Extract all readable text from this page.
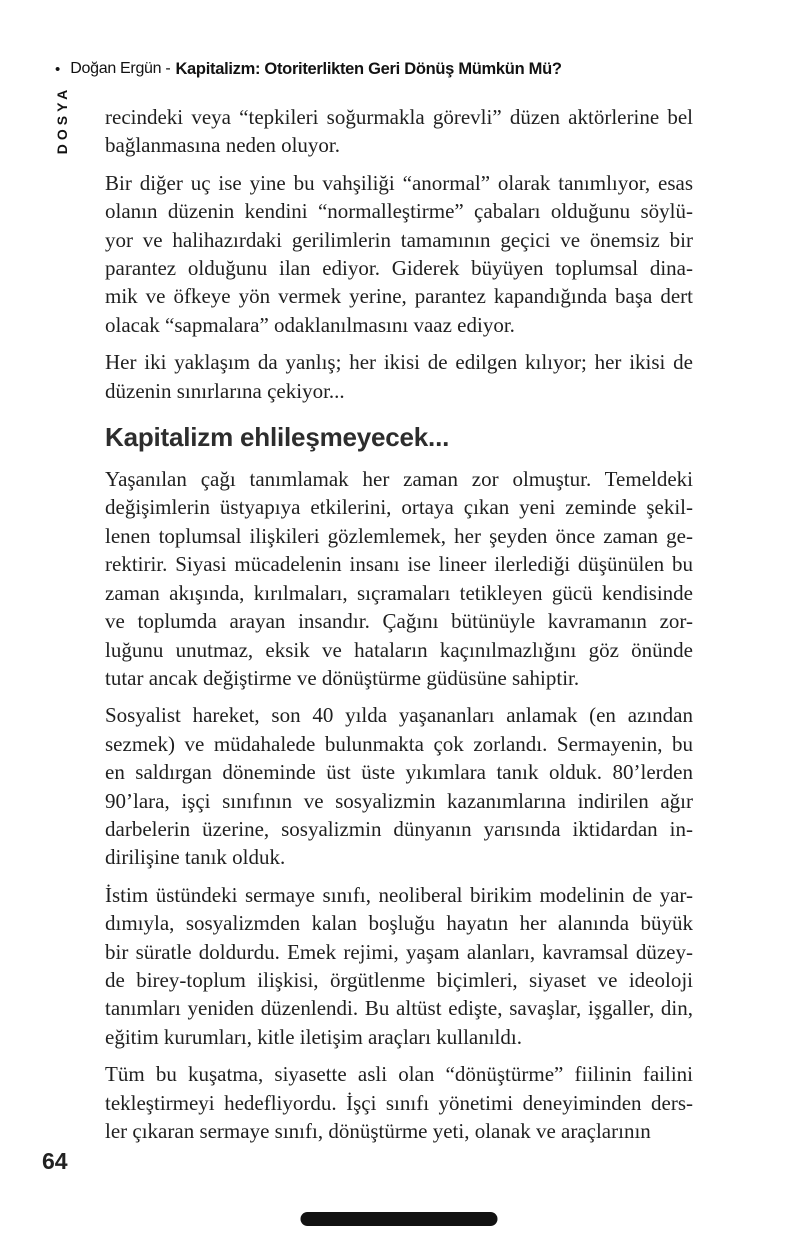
• Doğan Ergün - Kapitalizm: Otoriterlikten Geri Dönüş Mümkün Mü?
DOSYA recindeki veya “tepkileri soğurmakla görevli” düzen aktörlerine bel
bağlanmasına neden oluyor.
Bir diğer uç ise yine bu vahşiliği “anormal” olarak tanımlıyor, esas
olanın düzenin kendini “normalleştirme” çabaları olduğunu söylü-
yor ve halihazırdaki gerilimlerin tamamının geçici ve önemsiz bir
parantez olduğunu ilan ediyor. Giderek büyüyen toplumsal dina-
mik ve öfkeye yön vermek yerine, parantez kapandığında başa dert
olacak “sapmalara” odaklanılmasını vaaz ediyor.
Her iki yaklaşım da yanlış; her ikisi de edilgen kılıyor; her ikisi de
düzenin sınırlarına çekiyor...
Kapitalizm ehlileşmeyecek...
Yaşanılan çağı tanımlamak her zaman zor olmuştur. Temeldeki
değişimlerin üstyapıya etkilerini, ortaya çıkan yeni zeminde şekil-
lenen toplumsal ilişkileri gözlemlemek, her şeyden önce zaman ge-
rektirir. Siyasi mücadelenin insanı ise lineer ilerlediği düşünülen bu
zaman akışında, kırılmaları, sıçramaları tetikleyen gücü kendisinde
ve toplumda arayan insandır. Çağını bütünüyle kavramanın zor-
luğunu unutmaz, eksik ve hataların kaçınılmazlığını göz önünde
tutar ancak değiştirme ve dönüştürme güdüsüne sahiptir.
Sosyalist hareket, son 40 yılda yaşananları anlamak (en azından
sezmek) ve müdahalede bulunmakta çok zorlandı. Sermayenin, bu
en saldırgan döneminde üst üste yıkımlara tanık olduk. 80’lerden
90’lara, işçi sınıfının ve sosyalizmin kazanımlarına indirilen ağır
darbelerin üzerine, sosyalizmin dünyanın yarısında iktidardan in-
dirilişine tanık olduk.
İstim üstündeki sermaye sınıfı, neoliberal birikim modelinin de yar-
dımıyla, sosyalizmden kalan boşluğu hayatın her alanında büyük
bir süratle doldurdu. Emek rejimi, yaşam alanları, kavramsal düzey-
de birey-toplum ilişkisi, örgütlenme biçimleri, siyaset ve ideoloji
tanımları yeniden düzenlendi. Bu altüst edişte, savaşlar, işgaller, din,
eğitim kurumları, kitle iletişim araçları kullanıldı.
Tüm bu kuşatma, siyasette asli olan “dönüştürme” fiilinin failini
tekleştirmeyi hedefliyordu. İşçi sınıfı yönetimi deneyiminden ders-
ler çıkaran sermaye sınıfı, dönüştürme yeti, olanak ve araçlarının
64
